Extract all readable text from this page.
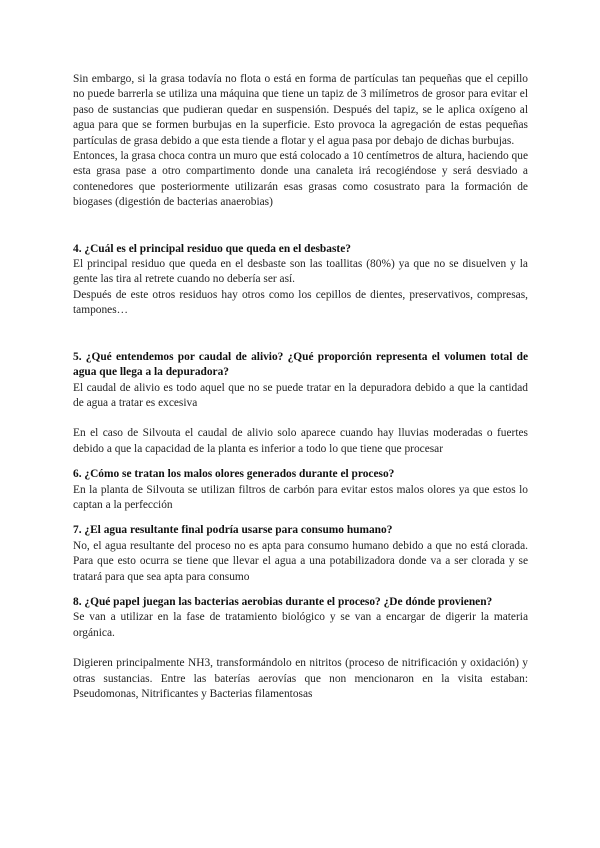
Sin embargo, si la grasa todavía no flota o está en forma de partículas tan pequeñas que el cepillo no puede barrerla se utiliza una máquina que tiene un tapiz de 3 milímetros de grosor para evitar el paso de sustancias que pudieran quedar en suspensión. Después del tapiz, se le aplica oxígeno al agua para que se formen burbujas en la superficie. Esto provoca la agregación de estas pequeñas partículas de grasa debido a que esta tiende a flotar y el agua pasa por debajo de dichas burbujas.

Entonces, la grasa choca contra un muro que está colocado a 10 centímetros de altura, haciendo que esta grasa pase a otro compartimento donde una canaleta irá recogiéndose y será desviado a contenedores que posteriormente utilizarán esas grasas como cosustrato para la formación de biogases (digestión de bacterias anaerobias)

4. ¿Cuál es el principal residuo que queda en el desbaste?

El principal residuo que queda en el desbaste son las toallitas (80%) ya que no se disuelven y la gente las tira al retrete cuando no debería ser así.

Después de este otros residuos hay otros como los cepillos de dientes, preservativos, compresas, tampones…

5. ¿Qué entendemos por caudal de alivio? ¿Qué proporción representa el volumen total de agua que llega a la depuradora?

El caudal de alivio es todo aquel que no se puede tratar en la depuradora debido a que la cantidad de agua a tratar es excesiva

En el caso de Silvouta el caudal de alivio solo aparece cuando hay lluvias moderadas o fuertes debido a que la capacidad de la planta es inferior a todo lo que tiene que procesar

6. ¿Cómo se tratan los malos olores generados durante el proceso?

En la planta de Silvouta se utilizan filtros de carbón para evitar estos malos olores ya que estos lo captan a la perfección

7. ¿El agua resultante final podría usarse para consumo humano?

No, el agua resultante del proceso no es apta para consumo humano debido a que no está clorada. Para que esto ocurra se tiene que llevar el agua a una potabilizadora donde va a ser clorada y se tratará para que sea apta para consumo

8. ¿Qué papel juegan las bacterias aerobias durante el proceso? ¿De dónde provienen?

Se van a utilizar en la fase de tratamiento biológico y se van a encargar de digerir la materia orgánica.

Digieren principalmente NH3, transformándolo en nitritos (proceso de nitrificación y oxidación) y otras sustancias. Entre las baterías aerovías que non mencionaron en la visita estaban: Pseudomonas, Nitrificantes y Bacterias filamentosas
